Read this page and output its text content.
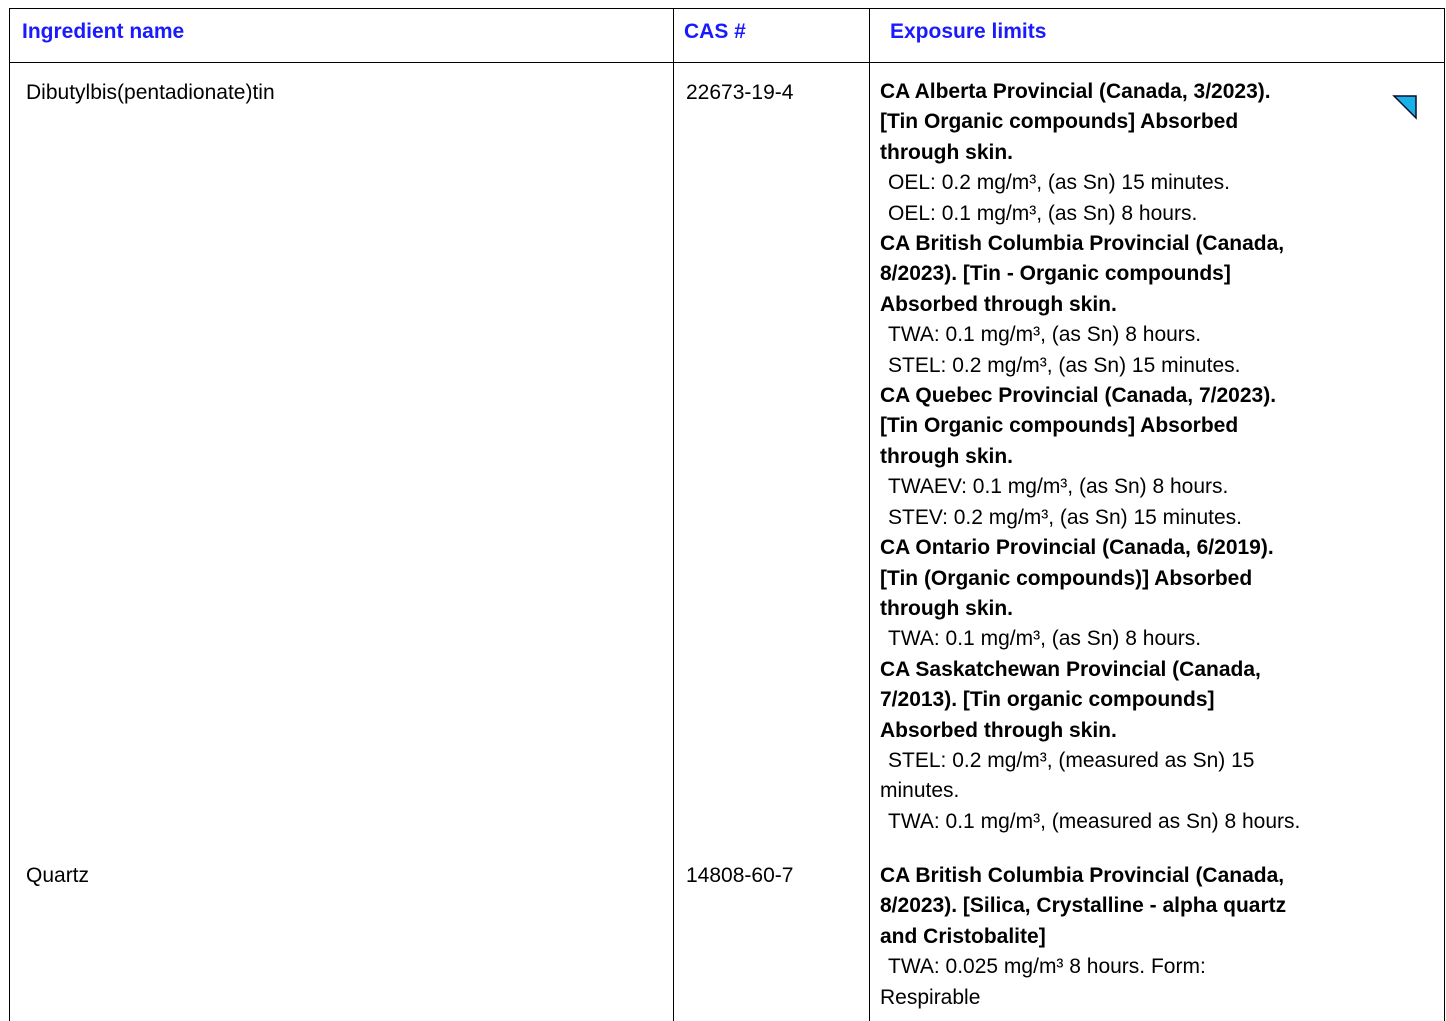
Ingredient name	CAS #	Exposure limits
Dibutylbis(pentadionate)tin	22673-19-4	CA Alberta Provincial (Canada, 3/2023).
[Tin Organic compounds] Absorbed
through skin.
OEL: 0.2 mg/m³, (as Sn) 15 minutes.
OEL: 0.1 mg/m³, (as Sn) 8 hours.
CA British Columbia Provincial (Canada,
8/2023). [Tin - Organic compounds]
Absorbed through skin.
TWA: 0.1 mg/m³, (as Sn) 8 hours.
STEL: 0.2 mg/m³, (as Sn) 15 minutes.
CA Quebec Provincial (Canada, 7/2023).
[Tin Organic compounds] Absorbed
through skin.
TWAEV: 0.1 mg/m³, (as Sn) 8 hours.
STEV: 0.2 mg/m³, (as Sn) 15 minutes.
CA Ontario Provincial (Canada, 6/2019).
[Tin (Organic compounds)] Absorbed
through skin.
TWA: 0.1 mg/m³, (as Sn) 8 hours.
CA Saskatchewan Provincial (Canada,
7/2013). [Tin organic compounds]
Absorbed through skin.
STEL: 0.2 mg/m³, (measured as Sn) 15
minutes.
TWA: 0.1 mg/m³, (measured as Sn) 8 hours.
Quartz	14808-60-7	CA British Columbia Provincial (Canada,
8/2023). [Silica, Crystalline - alpha quartz
and Cristobalite]
TWA: 0.025 mg/m³ 8 hours. Form:
Respirable
